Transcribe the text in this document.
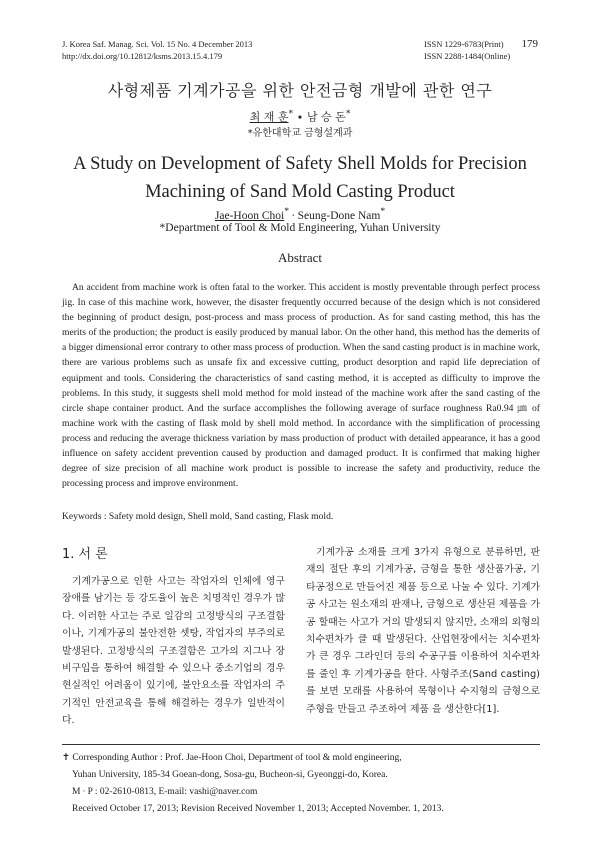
J. Korea Saf. Manag. Sci. Vol. 15 No. 4 December 2013
http://dx.doi.org/10.12812/ksms.2013.15.4.179
ISSN 1229-6783(Print)
ISSN 2288-1484(Online)
179
사형제품 기계가공을 위한 안전금형 개발에 관한 연구
최 재 훈* ∙ 남 승 돈*
*유한대학교 금형설계과
A Study on Development of Safety Shell Molds for Precision
Machining of Sand Mold Casting Product
Jae-Hoon Choi* ∙ Seung-Done Nam*
*Department of Tool & Mold Engineering, Yuhan University
Abstract

An accident from machine work is often fatal to the worker. This accident is mostly preventable through perfect process jig. In case of this machine work, however, the disaster frequently occurred because of the design which is not considered the beginning of product design, post-process and mass process of production. As for sand casting method, this has the merits of the production; the product is easily produced by manual labor. On the other hand, this method has the demerits of a bigger dimensional error contrary to other mass process of production. When the sand casting product is in machine work, there are various problems such as unsafe fix and excessive cutting, product desorption and rapid life depreciation of equipment and tools. Considering the characteristics of sand casting method, it is accepted as difficulty to improve the problems. In this study, it suggests shell mold method for mold instead of the machine work after the sand casting of the circle shape container product. And the surface accomplishes the following average of surface roughness Ra0.94 ㎛ of machine work with the casting of flask mold by shell mold method. In accordance with the simplification of processing process and reducing the average thickness variation by mass production of product with detailed appearance, it has a good influence on safety accident prevention caused by production and damaged product. It is confirmed that making higher degree of size precision of all machine work product is possible to increase the safety and productivity, reduce the processing process and improve environment.

Keywords : Safety mold design, Shell mold, Sand casting, Flask mold.
1. 서 론

기계가공으로 인한 사고는 작업자의 인체에 영구장애를 남기는 등 강도율이 높은 치명적인 경우가 많다. 이러한 사고는 주로 일감의 고정방식의 구조결함이나, 기계가공의 불안전한 셋탕, 작업자의 부주의로 발생된다. 고정방식의 구조결함은 고가의 지그나 장비구입을 통하여 해결할 수 있으나 중소기업의 경우 현실적인 어려움이 있기에, 불안요소를 작업자의 주기적인 안전교육을 통해 해결하는 경우가 일반적이다.

기계가공 소재를 크게 3가지 유형으로 분류하면, 판재의 절단 후의 기계가공, 금형을 통한 생산품가공, 기타공정으로 만들어진 제품 등으로 나눌 수 있다. 기계가공 사고는 원소재의 판재나, 금형으로 생산된 제품을 가공 할때는 사고가 거의 발생되지 않지만, 소재의 외형의 치수편차가 클 때 발생된다. 산업현장에서는 치수편차가 큰 경우 그라인더 등의 수공구를 이용하여 치수편차를 줄인 후 기계가공을 한다. 사형주조(Sand casting)를 보면 모래를 사용하여 목형이나 수지형의 금형으로 주형을 만들고 주조하여 제품 을 생산한다[1].

✝ Corresponding Author : Prof. Jae-Hoon Choi, Department of tool & mold engineering,
Yuhan University, 185-34 Goean-dong, Sosa-gu, Bucheon-si, Gyeonggi-do, Korea.
M ∙ P : 02-2610-0813, E-mail: vashi@naver.com
Received October 17, 2013; Revision Received November 1, 2013; Accepted November. 1, 2013.
